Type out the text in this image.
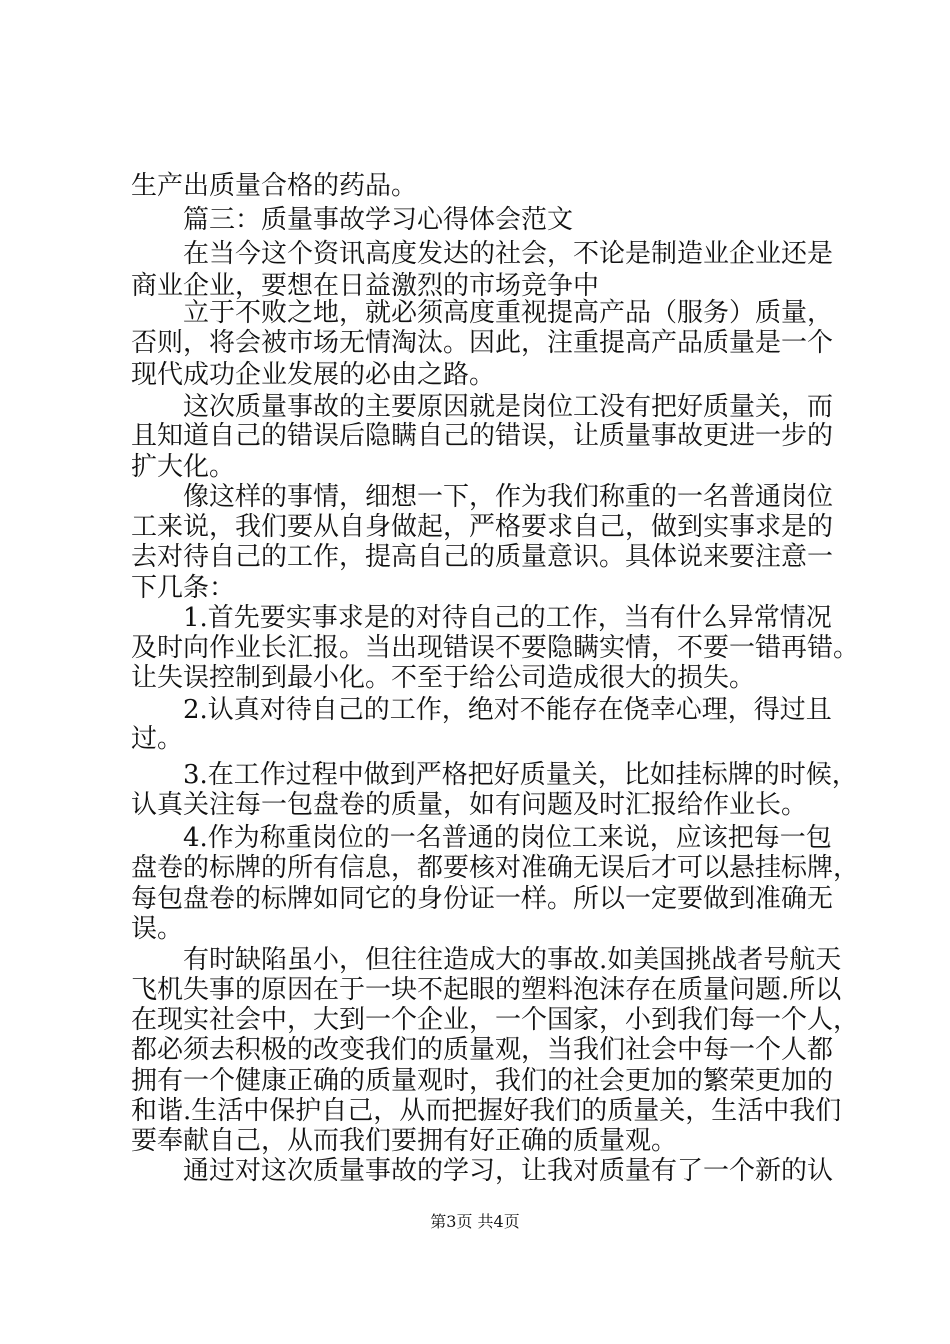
生产出质量合格的药品。
　　篇三：质量事故学习心得体会范文
　　在当今这个资讯高度发达的社会，不论是制造业企业还是
商业企业，要想在日益激烈的市场竞争中
　　立于不败之地，就必须高度重视提高产品（服务）质量，
否则，将会被市场无情淘汰。因此，注重提高产品质量是一个
现代成功企业发展的必由之路。
　　这次质量事故的主要原因就是岗位工没有把好质量关，而
且知道自己的错误后隐瞒自己的错误，让质量事故更进一步的
扩大化。
　　像这样的事情，细想一下，作为我们称重的一名普通岗位
工来说，我们要从自身做起，严格要求自己，做到实事求是的
去对待自己的工作，提高自己的质量意识。具体说来要注意一
下几条：
　　1.首先要实事求是的对待自己的工作，当有什么异常情况
及时向作业长汇报。当出现错误不要隐瞒实情，不要一错再错。
让失误控制到最小化。不至于给公司造成很大的损失。
　　2.认真对待自己的工作，绝对不能存在侥幸心理，得过且
过。
　　3.在工作过程中做到严格把好质量关，比如挂标牌的时候，
认真关注每一包盘卷的质量，如有问题及时汇报给作业长。
　　4.作为称重岗位的一名普通的岗位工来说，应该把每一包
盘卷的标牌的所有信息，都要核对准确无误后才可以悬挂标牌，
每包盘卷的标牌如同它的身份证一样。所以一定要做到准确无
误。
　　有时缺陷虽小，但往往造成大的事故.如美国挑战者号航天
飞机失事的原因在于一块不起眼的塑料泡沫存在质量问题.所以
在现实社会中，大到一个企业，一个国家，小到我们每一个人，
都必须去积极的改变我们的质量观，当我们社会中每一个人都
拥有一个健康正确的质量观时，我们的社会更加的繁荣更加的
和谐.生活中保护自己，从而把握好我们的质量关，生活中我们
要奉献自己，从而我们要拥有好正确的质量观。
　　通过对这次质量事故的学习，让我对质量有了一个新的认
第3页 共4页
